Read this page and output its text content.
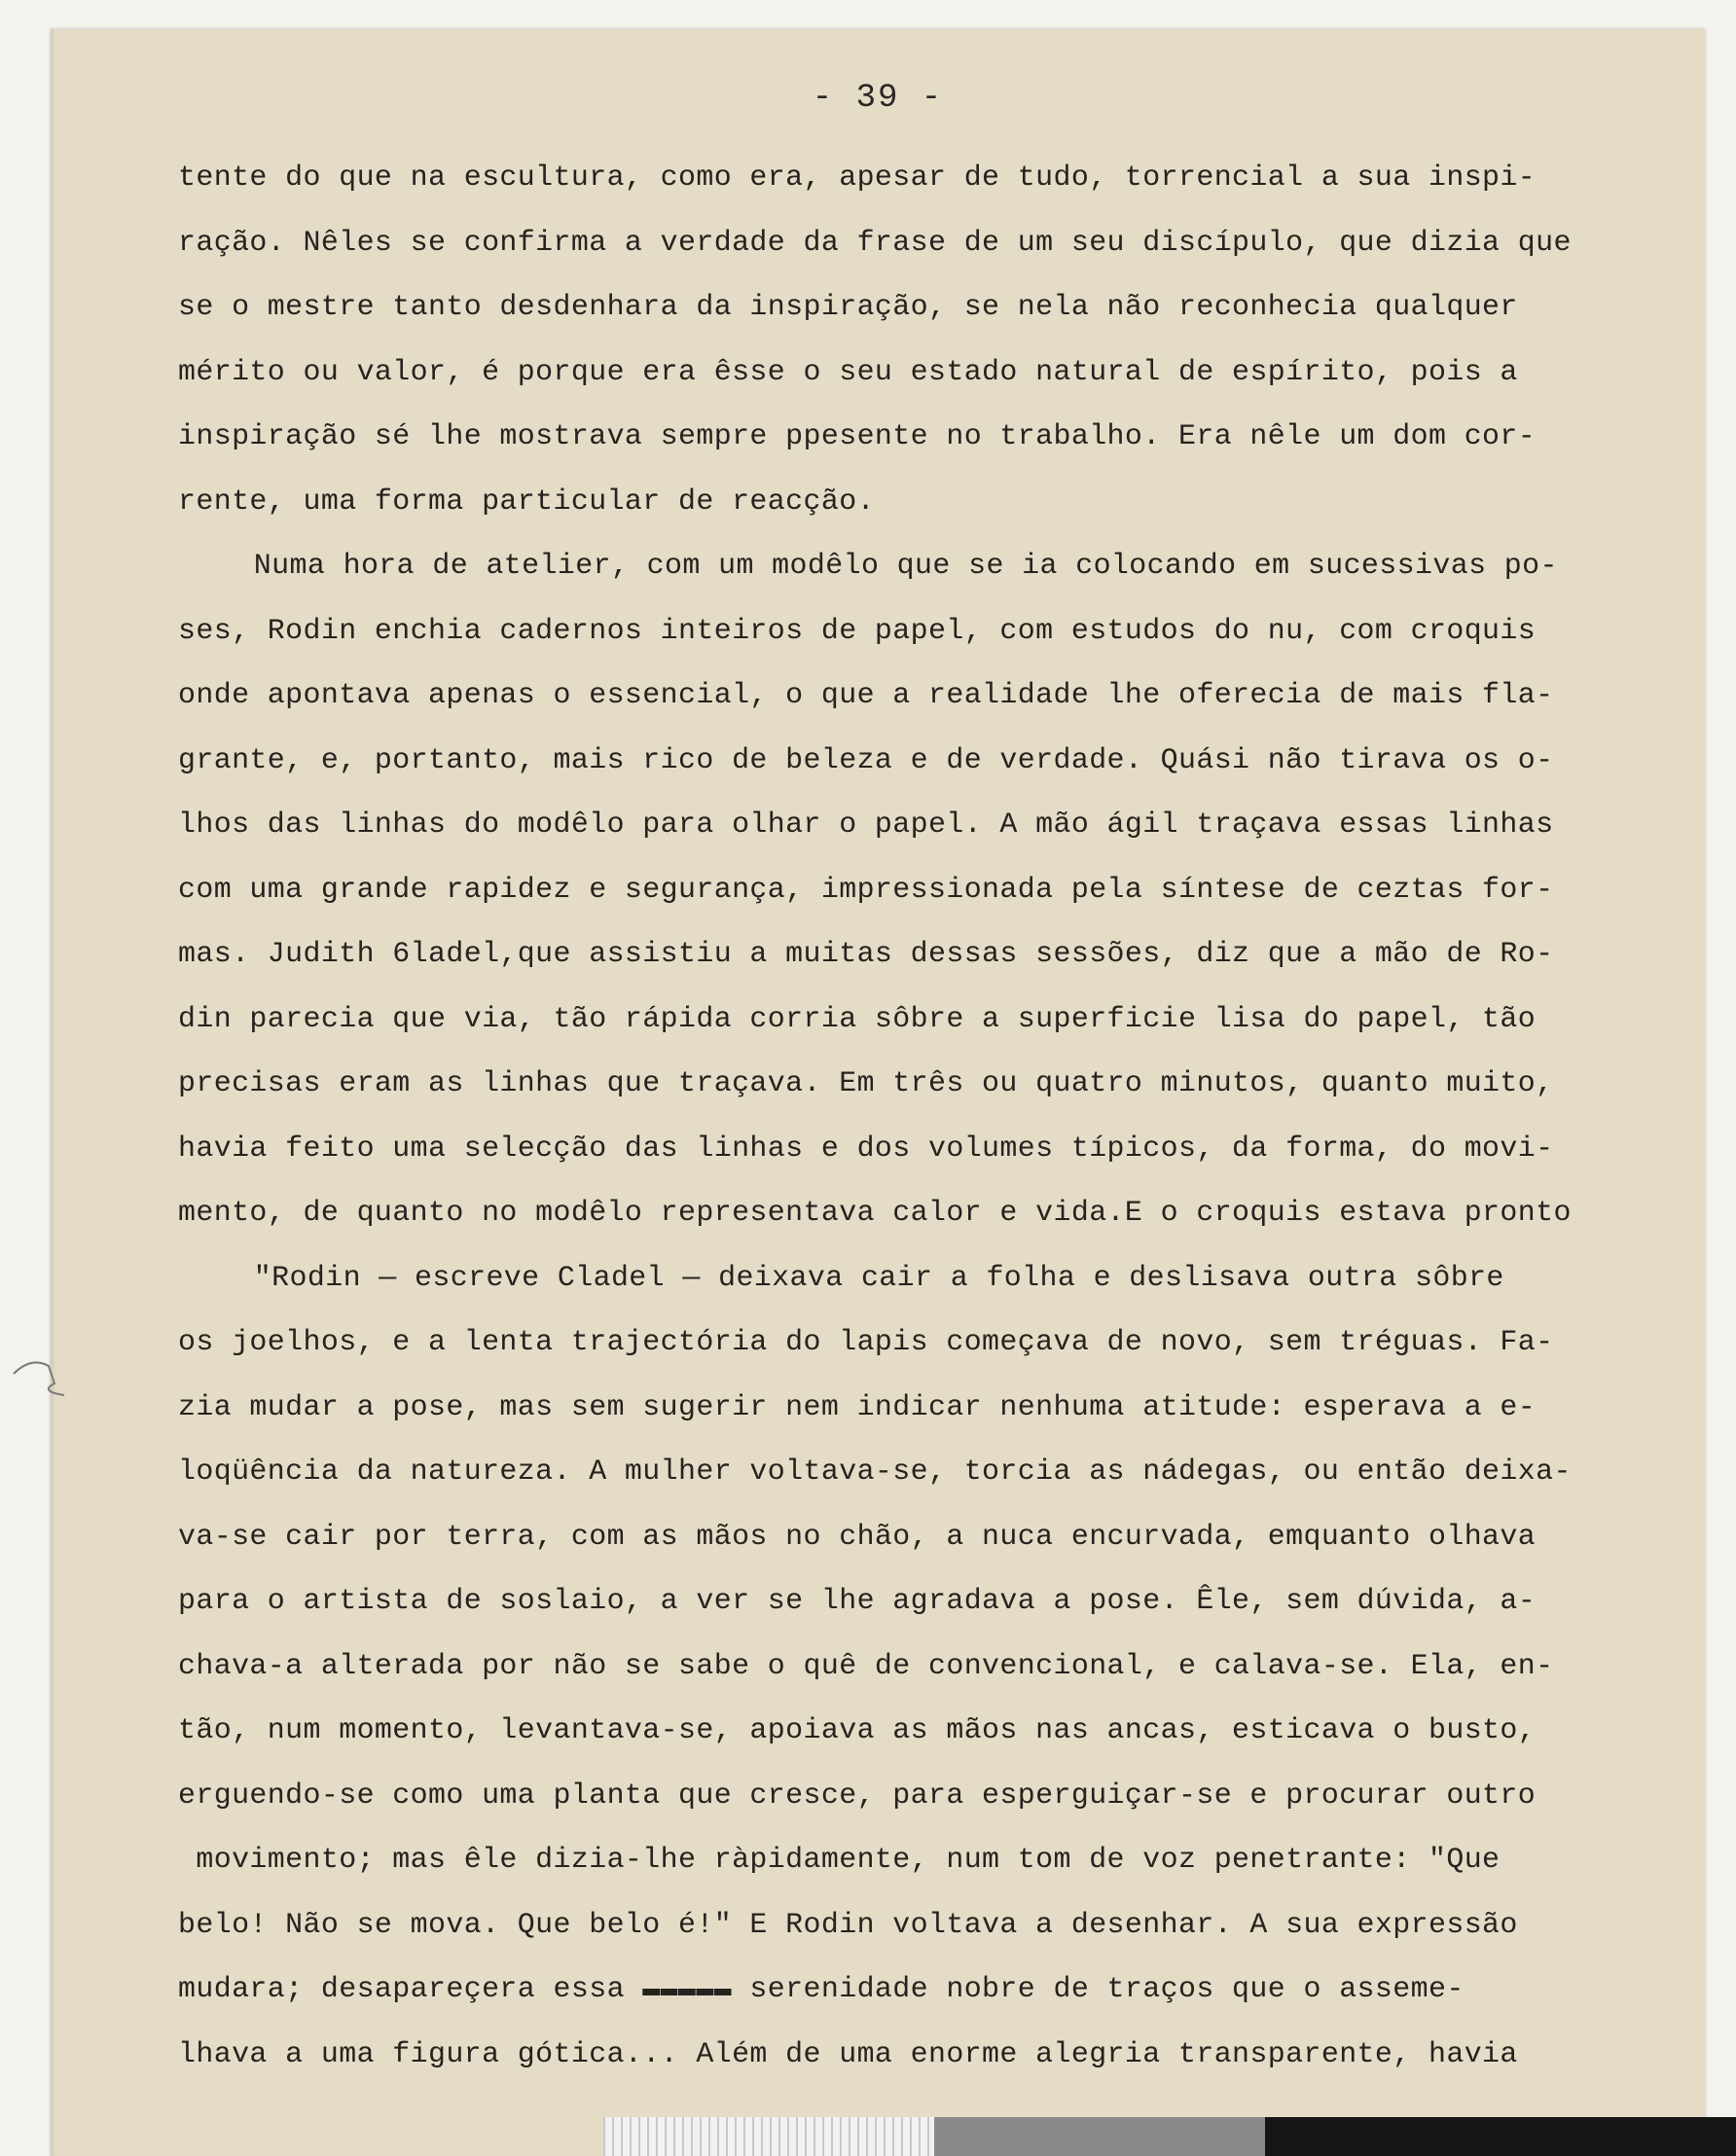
- 39 -
tente do que na escultura, como era, apesar de tudo, torrencial a sua inspi-
ração. Nêles se confirma a verdade da frase de um seu discípulo, que dizia que
se o mestre tanto desdenhara da inspiração, se nela não reconhecia qualquer
mérito ou valor, é porque era êsse o seu estado natural de espírito, pois a
inspiração sé lhe mostrava sempre ppesente no trabalho. Era nêle um dom cor-
rente, uma forma particular de reacção.
Numa hora de atelier, com um modêlo que se ia colocando em sucessivas po-
ses, Rodin enchia cadernos inteiros de papel, com estudos do nu, com croquis
onde apontava apenas o essencial, o que a realidade lhe oferecia de mais fla-
grante, e, portanto, mais rico de beleza e de verdade. Quási não tirava os o-
lhos das linhas do modêlo para olhar o papel. A mão ágil traçava essas linhas
com uma grande rapidez e segurança, impressionada pela síntese de ceztas for-
mas. Judith 6ladel,que assistiu a muitas dessas sessões, diz que a mão de Ro-
din parecia que via, tão rápida corria sôbre a superficie lisa do papel, tão
precisas eram as linhas que traçava. Em três ou quatro minutos, quanto muito,
havia feito uma selecção das linhas e dos volumes típicos, da forma, do movi-
mento, de quanto no modêlo representava calor e vida.E o croquis estava pronto
"Rodin — escreve Cladel — deixava cair a folha e deslisava outra sôbre
os joelhos, e a lenta trajectória do lapis começava de novo, sem tréguas. Fa-
zia mudar a pose, mas sem sugerir nem indicar nenhuma atitude: esperava a e-
loqüência da natureza. A mulher voltava-se, torcia as nádegas, ou então deixa-
va-se cair por terra, com as mãos no chão, a nuca encurvada, emquanto olhava
para o artista de soslaio, a ver se lhe agradava a pose. Êle, sem dúvida, a-
chava-a alterada por não se sabe o quê de convencional, e calava-se. Ela, en-
tão, num momento, levantava-se, apoiava as mãos nas ancas, esticava o busto,
erguendo-se como uma planta que cresce, para esperguiçar-se e procurar outro
movimento; mas êle dizia-lhe ràpidamente, num tom de voz penetrante: "Que
belo! Não se mova. Que belo é!" E Rodin voltava a desenhar. A sua expressão
mudara; desapareçera essa ▬▬▬▬▬ serenidade nobre de traços que o asseme-
lhava a uma figura gótica... Além de uma enorme alegria transparente, havia
